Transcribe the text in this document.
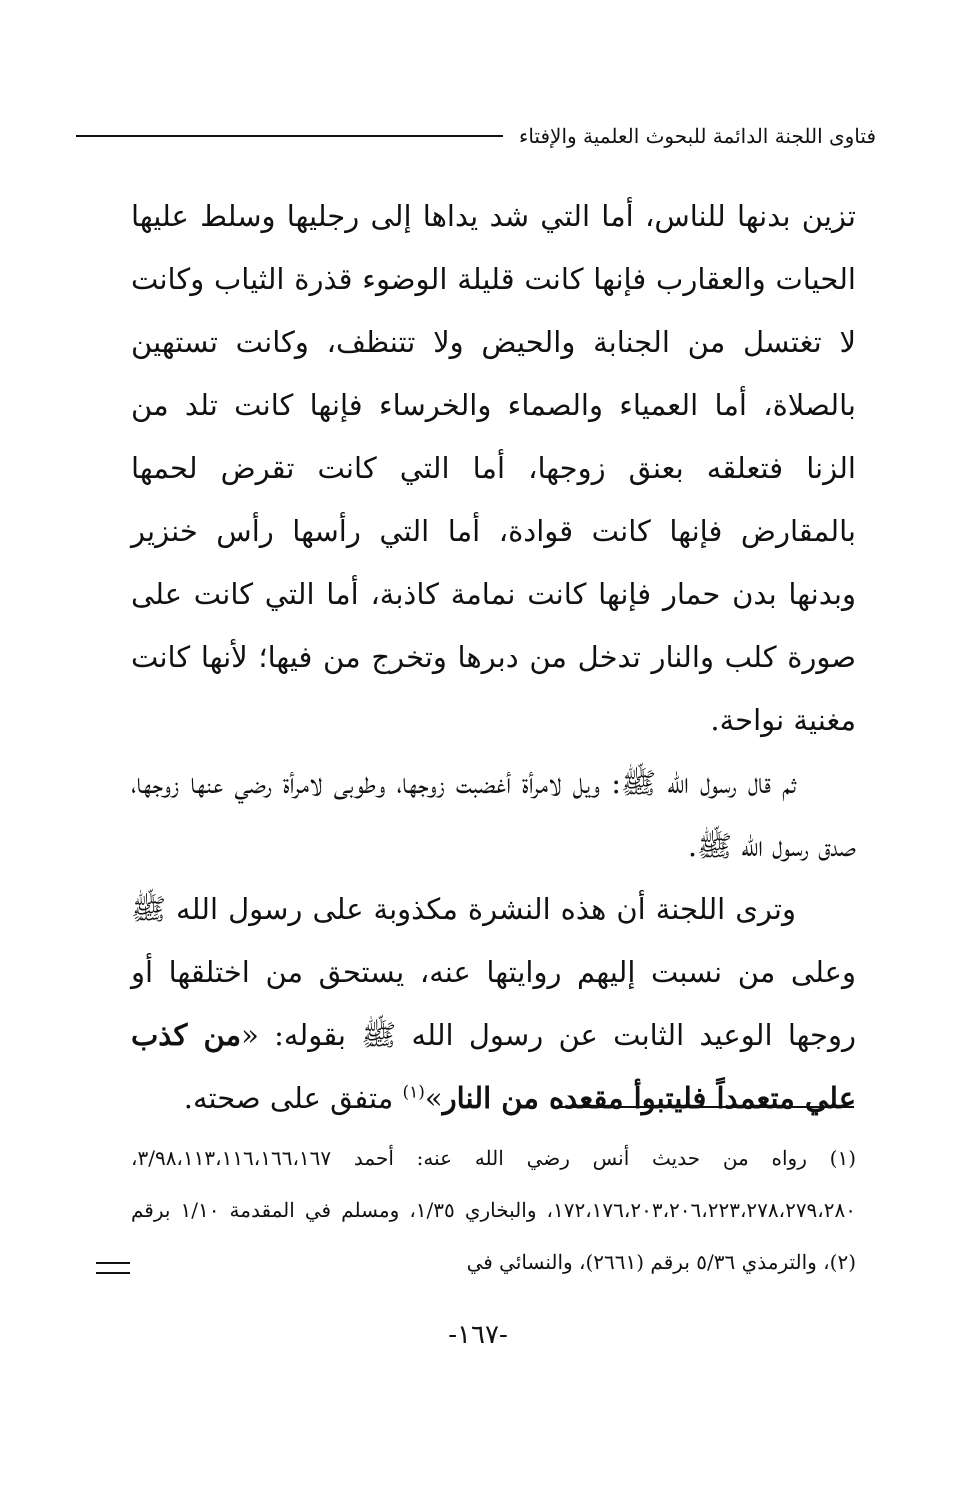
فتاوى اللجنة الدائمة للبحوث العلمية والإفتاء

تزين بدنها للناس، أما التي شد يداها إلى رجليها وسلط عليها الحيات والعقارب فإنها كانت قليلة الوضوء قذرة الثياب وكانت لا تغتسل من الجنابة والحيض ولا تتنظف، وكانت تستهين بالصلاة، أما العمياء والصماء والخرساء فإنها كانت تلد من الزنا فتعلقه بعنق زوجها، أما التي كانت تقرض لحمها بالمقارض فإنها كانت قوادة، أما التي رأسها رأس خنزير وبدنها بدن حمار فإنها كانت نمامة كاذبة، أما التي كانت على صورة كلب والنار تدخل من دبرها وتخرج من فيها؛ لأنها كانت مغنية نواحة.

ثم قال رسول الله ﷺ: ويل لامرأة أغضبت زوجها، وطوبى لامرأة رضي عنها زوجها، صدق رسول الله ﷺ.

وترى اللجنة أن هذه النشرة مكذوبة على رسول الله ﷺ وعلى من نسبت إليهم روايتها عنه، يستحق من اختلقها أو روجها الوعيد الثابت عن رسول الله ﷺ بقوله: «من كذب علي متعمداً فليتبوأ مقعده من النار»$^{(١)}$ متفق على صحته.

(١) رواه من حديث أنس رضي الله عنه: أحمد ٣/٩٨،١١٣،١١٦،١٦٦،١٦٧، ١٧٢،١٧٦،٢٠٣،٢٠٦،٢٢٣،٢٧٨،٢٧٩،٢٨٠، والبخاري ١/٣٥، ومسلم في المقدمة ١/١٠ برقم (٢)، والترمذي ٥/٣٦ برقم (٢٦٦١)، والنسائي في

-١٦٧-
